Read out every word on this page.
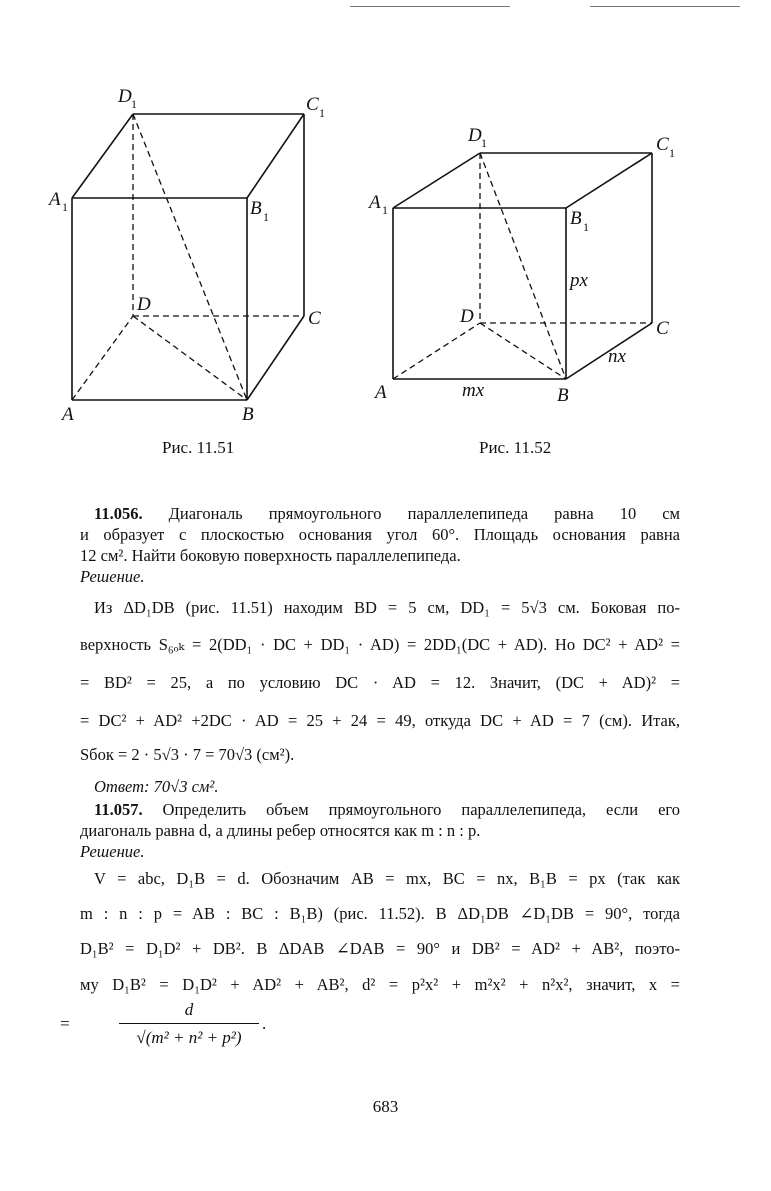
D 1	C 1
A 1	B 1
D
C
A	B
D 1	C 1
A 1	B 1
px
D
C
nx
A	mx	B
Рис. 11.51	Рис. 11.52

11.056. Диагональ прямоугольного параллелепипеда равна 10 см

и образует с плоскостью основания угол 60°. Площадь основания равна

12 см². Найти боковую поверхность параллелепипеда.

Решение.

Из ΔD₁DB (рис. 11.51) находим BD = 5 см, DD₁ = 5√3 см. Боковая по-

верхность S₆ₒₖ = 2(DD₁ · DC + DD₁ · AD) = 2DD₁(DC + AD). Но DC² + AD² =

= BD² = 25, а по условию DC · AD = 12. Значит, (DC + AD)² =

= DC² + AD² +2DC · AD = 25 + 24 = 49, откуда DC + AD = 7 (см). Итак,

Sбок = 2 · 5√3 · 7 = 70√3 (см²).

Ответ: 70√3 см².

11.057. Определить объем прямоугольного параллелепипеда, если его

диагональ равна d, а длины ребер относятся как m : n : p.

Решение.

V = abc, D₁B = d. Обозначим AB = mx, BC = nx, B₁B = px (так как

m : n : p = AB : BC : B₁B) (рис. 11.52). В ΔD₁DB ∠D₁DB = 90°, тогда

D₁B² = D₁D² + DB². В ΔDAB ∠DAB = 90° и DB² = AD² + AB², поэто-

му D₁B² = D₁D² + AD² + AB², d² = p²x² + m²x² + n²x², значит, x =

=
d
√(m² + n² + p²)
.
683
